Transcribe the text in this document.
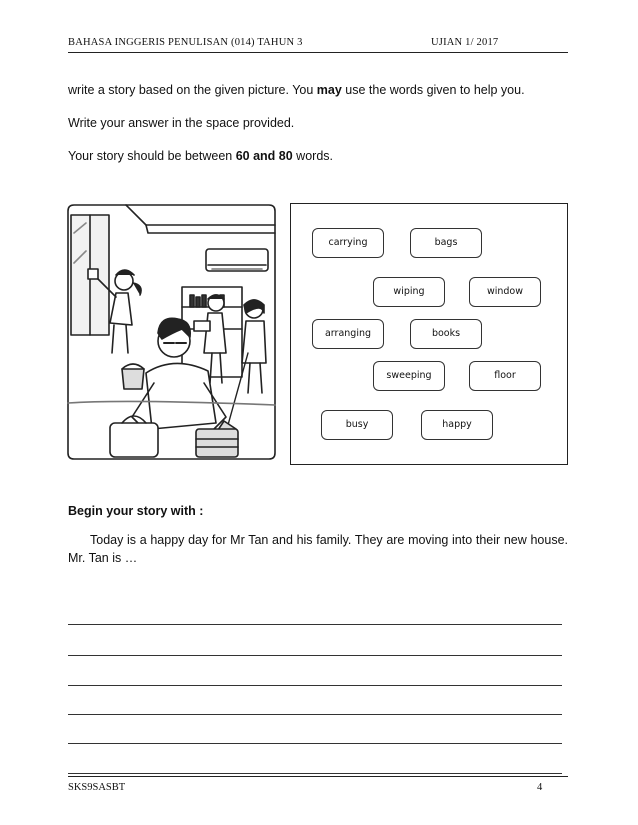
BAHASA INGGERIS PENULISAN (014) TAHUN 3	UJIAN 1/ 2017
write a story based on the given picture. You may use the words given to help you.
Write your answer in the space provided.
Your story should be between 60 and 80 words.
carrying	bags
wiping	window
arranging	books
sweeping	floor
busy	happy
Begin your story with :
Today is a happy day for Mr Tan and his family. They are moving into their new house. Mr. Tan is …
SKS9SASBT	4
